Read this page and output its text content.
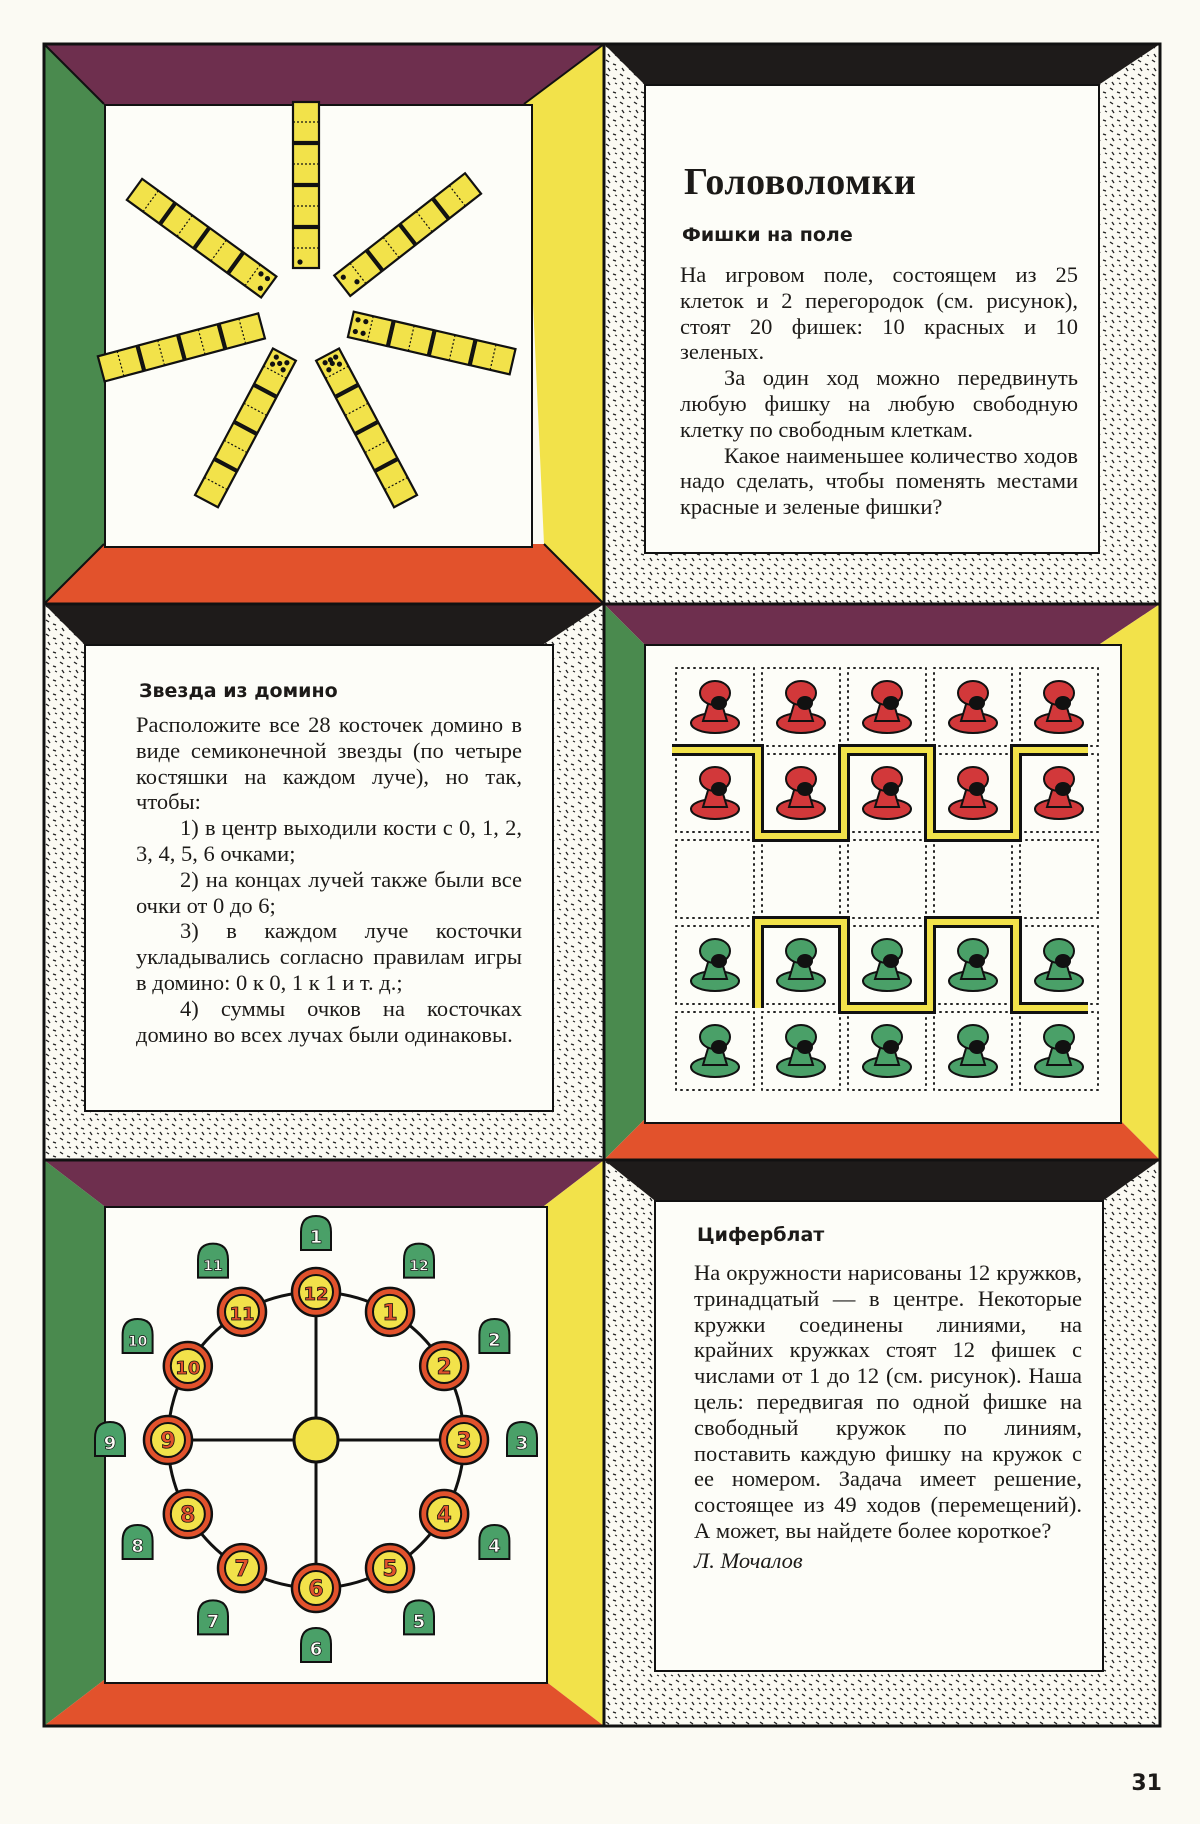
Головоломки
Фишки на поле

На игровом поле, состоящем из 25 клеток и 2 перегородок (см. рисунок), стоят 20 фишек: 10 красных и 10 зеленых.

За один ход можно передвинуть любую фишку на любую свободную клетку по свободным клеткам.

Какое наименьшее количество ходов надо сделать, чтобы поменять местами красные и зеленые фишки?

Звезда из домино

Расположите все 28 косточек домино в виде семиконечной звезды (по четыре костяшки на каждом луче), но так, чтобы:

1) в центр выходили кости с 0, 1, 2, 3, 4, 5, 6 очками;

2) на концах лучей также были все очки от 0 до 6;

3) в каждом луче косточки укладывались согласно правилам игры в домино: 0 к 0, 1 к 1 и т. д.;

4) суммы очков на косточках домино во всех лучах были одинаковы.

12
1
2
3
4
5
6
7
8
9
10
11
1
12
2
3
4
5
6
7
8
9
10
11
Циферблат

На окружности нарисованы 12 кружков, тринадцатый — в центре. Некоторые кружки соединены линиями, на крайних кружках стоят 12 фишек с числами от 1 до 12 (см. рисунок). Наша цель: передвигая по одной фишке на свободный кружок по линиям, поставить каждую фишку на кружок с ее номером. Задача имеет решение, состоящее из 49 ходов (перемещений). А может, вы найдете более короткое?

Л. Мочалов

31
